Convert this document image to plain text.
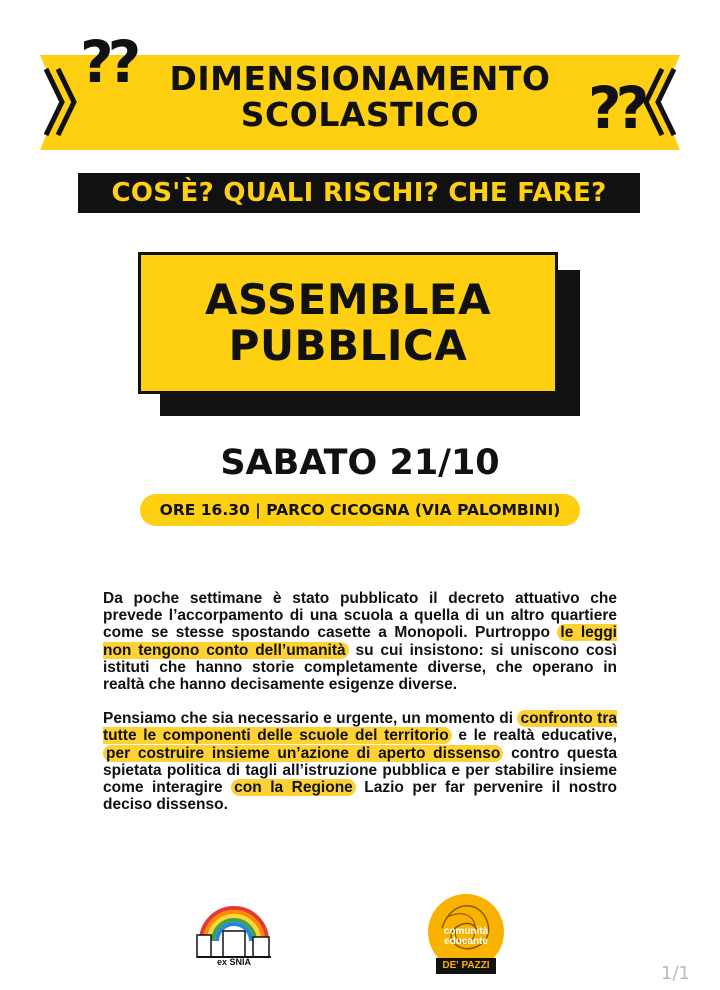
DIMENSIONAMENTO
SCOLASTICO
??
??
COS'È? QUALI RISCHI? CHE FARE?
ASSEMBLEA
PUBBLICA
SABATO 21/10
ORE 16.30 | PARCO CICOGNA (VIA PALOMBINI)

Da poche settimane è stato pubblicato il decreto attuativo che prevede l’accorpamento di una scuola a quella di un altro quartiere come se stesse spostando casette a Monopoli. Purtroppo le leggi non tengono conto dell’umanità su cui insistono: si uniscono così istituti che hanno storie completamente diverse, che operano in realtà che hanno decisamente esigenze diverse.

Pensiamo che sia necessario e urgente, un momento di confronto tra tutte le componenti delle scuole del territorio e le realtà educative, per costruire insieme un’azione di aperto dissenso contro questa spietata politica di tagli all’istruzione pubblica e per stabilire insieme come interagire con la Regione Lazio per far pervenire il nostro deciso dissenso.

ex SNIA
comunità
educante
DE' PAZZI	1/1
